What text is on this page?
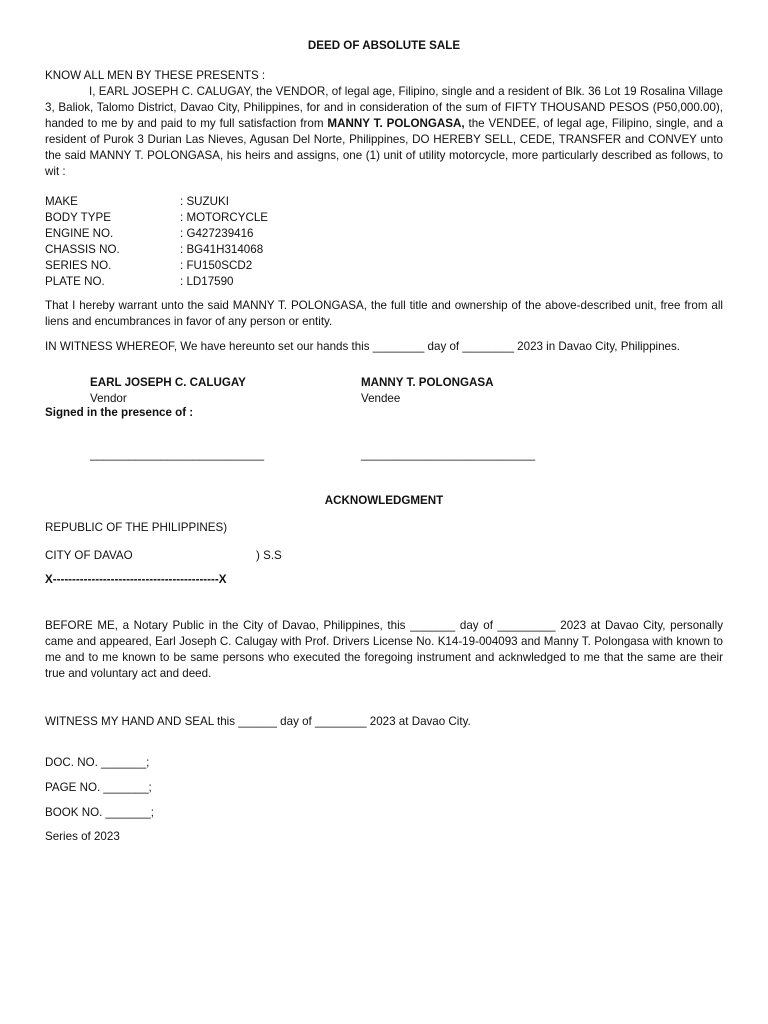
DEED OF ABSOLUTE SALE

KNOW ALL MEN BY THESE PRESENTS :

I, EARL JOSEPH C. CALUGAY, the VENDOR, of legal age, Filipino, single and a resident of Blk. 36 Lot 19 Rosalina Village 3, Baliok, Talomo District, Davao City, Philippines, for and in consideration of the sum of FIFTY THOUSAND PESOS (P50,000.00), handed to me by and paid to my full satisfaction from MANNY T. POLONGASA, the VENDEE, of legal age, Filipino, single, and a resident of Purok 3 Durian Las Nieves, Agusan Del Norte, Philippines, DO HEREBY SELL, CEDE, TRANSFER and CONVEY unto the said MANNY T. POLONGASA, his heirs and assigns, one (1) unit of utility motorcycle, more particularly described as follows, to wit :

MAKE	: SUZUKI
BODY TYPE	: MOTORCYCLE
ENGINE NO.	: G427239416
CHASSIS NO.	: BG41H314068
SERIES NO.	: FU150SCD2
PLATE NO.	: LD17590

That I hereby warrant unto the said MANNY T. POLONGASA, the full title and ownership of the above-described unit, free from all liens and encumbrances in favor of any person or entity.

IN WITNESS WHEREOF, We have hereunto set our hands this ________ day of ________ 2023 in Davao City, Philippines.

EARL JOSEPH C. CALUGAY
Vendor
MANNY T. POLONGASA
Vendee

Signed in the presence of :

___________________________	___________________________

ACKNOWLEDGMENT

REPUBLIC OF THE PHILIPPINES)

CITY OF DAVAO	) S.S

X-------------------------------------------X

BEFORE ME, a Notary Public in the City of Davao, Philippines, this _______ day of _________ 2023 at Davao City, personally came and appeared, Earl Joseph C. Calugay with Prof. Drivers License No. K14-19-004093 and Manny T. Polongasa with known to me and to me known to be same persons who executed the foregoing instrument and acknwledged to me that the same are their true and voluntary act and deed.

WITNESS MY HAND AND SEAL this ______ day of ________ 2023 at Davao City.

DOC. NO. _______;

PAGE NO. _______;

BOOK NO. _______;

Series of 2023
